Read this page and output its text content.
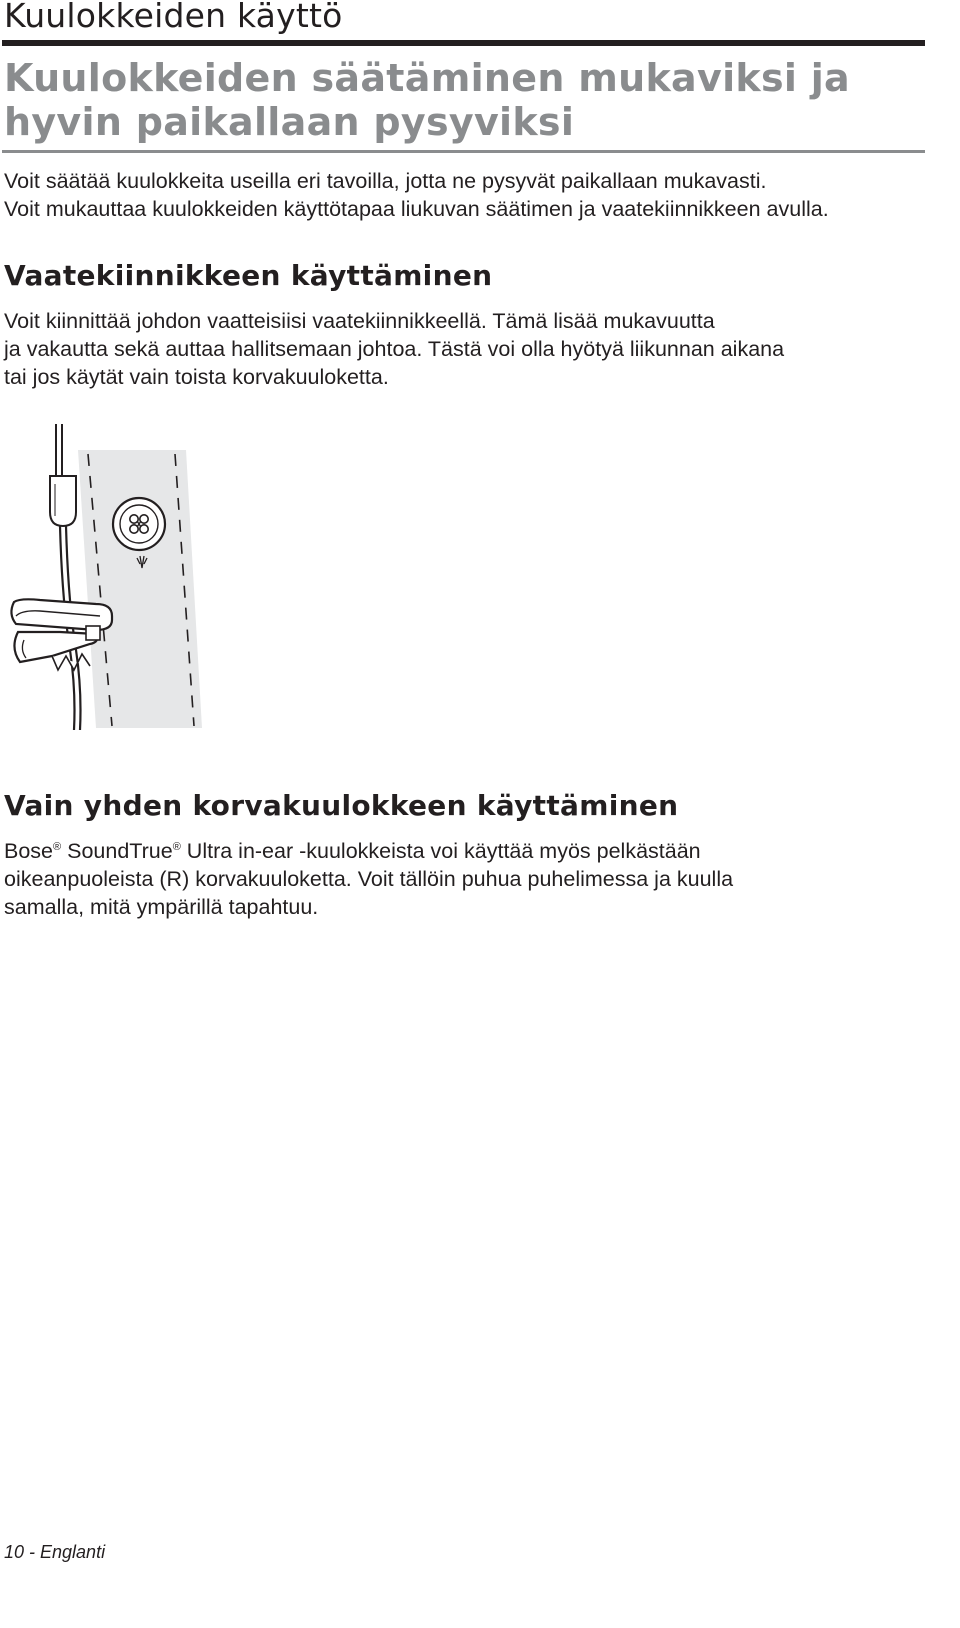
Kuulokkeiden käyttö
Kuulokkeiden säätäminen mukaviksi ja hyvin paikallaan pysyviksi

Voit säätää kuulokkeita useilla eri tavoilla, jotta ne pysyvät paikallaan mukavasti.
Voit mukauttaa kuulokkeiden käyttötapaa liukuvan säätimen ja vaatekiinnikkeen avulla.

Vaatekiinnikkeen käyttäminen

Voit kiinnittää johdon vaatteisiisi vaatekiinnikkeellä. Tämä lisää mukavuutta
ja vakautta sekä auttaa hallitsemaan johtoa. Tästä voi olla hyötyä liikunnan aikana
tai jos käytät vain toista korvakuuloketta.

Vain yhden korvakuulokkeen käyttäminen

Bose® SoundTrue® Ultra in-ear -kuulokkeista voi käyttää myös pelkästään
oikeanpuoleista (R) korvakuuloketta. Voit tällöin puhua puhelimessa ja kuulla
samalla, mitä ympärillä tapahtuu.

10 - Englanti
